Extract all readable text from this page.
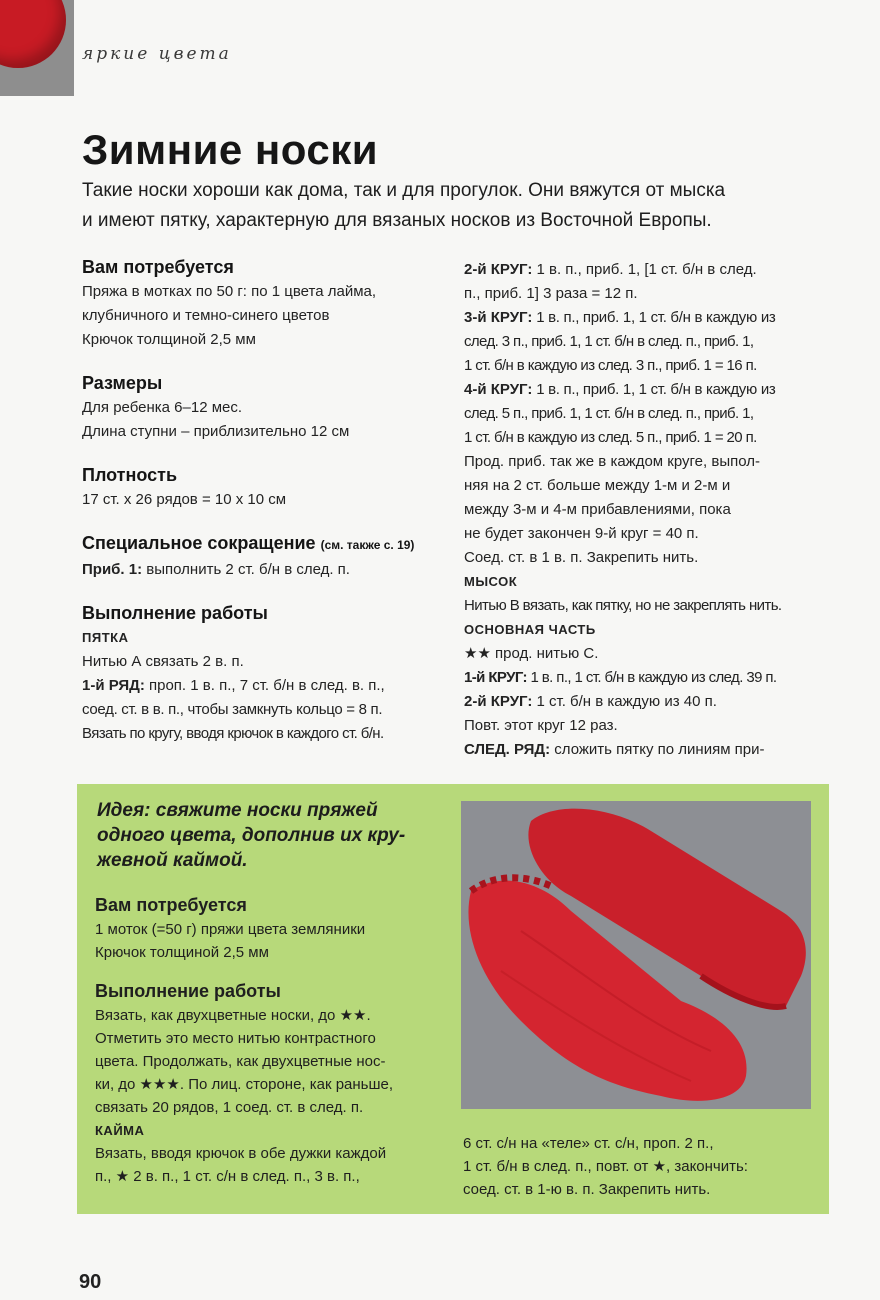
яркие цвета
Зимние носки

Такие носки хороши как дома, так и для прогулок. Они вяжутся от мыска
и имеют пятку, характерную для вязаных носков из Восточной Европы.

Вам потребуется
Пряжа в мотках по 50 г: по 1 цвета лайма,
клубничного и темно-синего цветов
Крючок толщиной 2,5 мм
Размеры
Для ребенка 6–12 мес.
Длина ступни – приблизительно 12 см
Плотность
17 ст. х 26 рядов = 10 х 10 см
Специальное сокращение (см. также с. 19)
Приб. 1: выполнить 2 ст. б/н в след. п.
Выполнение работы
ПЯТКА
Нитью А связать 2 в. п.
1-й РЯД: проп. 1 в. п., 7 ст. б/н в след. в. п.,
соед. ст. в в. п., чтобы замкнуть кольцо = 8 п.
Вязать по кругу, вводя крючок в каждого ст. б/н.
2-й КРУГ: 1 в. п., приб. 1, [1 ст. б/н в след.
п., приб. 1] 3 раза = 12 п.
3-й КРУГ: 1 в. п., приб. 1, 1 ст. б/н в каждую из
след. 3 п., приб. 1, 1 ст. б/н в след. п., приб. 1,
1 ст. б/н в каждую из след. 3 п., приб. 1 = 16 п.
4-й КРУГ: 1 в. п., приб. 1, 1 ст. б/н в каждую из
след. 5 п., приб. 1, 1 ст. б/н в след. п., приб. 1,
1 ст. б/н в каждую из след. 5 п., приб. 1 = 20 п.
Прод. приб. так же в каждом круге, выпол-
няя на 2 ст. больше между 1-м и 2-м и
между 3-м и 4-м прибавлениями, пока
не будет закончен 9-й круг = 40 п.
Соед. ст. в 1 в. п. Закрепить нить.
МЫСОК
Нитью В вязать, как пятку, но не закреплять нить.
ОСНОВНАЯ ЧАСТЬ
★★ прод. нитью С.
1-й КРУГ: 1 в. п., 1 ст. б/н в каждую из след. 39 п.
2-й КРУГ: 1 ст. б/н в каждую из 40 п.
Повт. этот круг 12 раз.
СЛЕД. РЯД: сложить пятку по линиям при-

Идея: свяжите носки пряжей
одного цвета, дополнив их кру-
жевной каймой.

Вам потребуется
1 моток (=50 г) пряжи цвета земляники
Крючок толщиной 2,5 мм
Выполнение работы
Вязать, как двухцветные носки, до ★★.
Отметить это место нитью контрастного
цвета. Продолжать, как двухцветные нос-
ки, до ★★★. По лиц. стороне, как раньше,
связать 20 рядов, 1 соед. ст. в след. п.
КАЙМА
Вязать, вводя крючок в обе дужки каждой
п., ★ 2 в. п., 1 ст. с/н в след. п., 3 в. п.,
6 ст. с/н на «теле» ст. с/н, проп. 2 п.,
1 ст. б/н в след. п., повт. от ★, закончить:
соед. ст. в 1-ю в. п. Закрепить нить.
90
